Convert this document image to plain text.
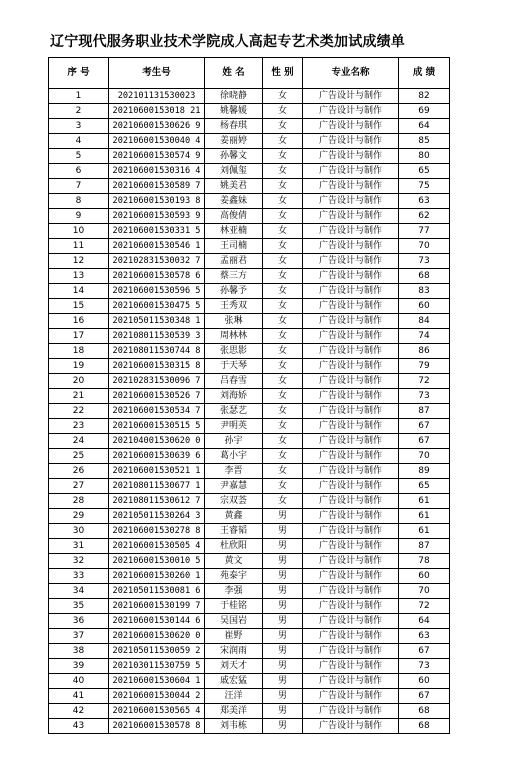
辽宁现代服务职业技术学院成人高起专艺术类加试成绩单
序 号	考生号	姓 名	性 别	专业名称	成 绩
1	202101131530023	徐晓静	女	广告设计与制作	82
2	20210600153018 21	姚馨媛	女	广告设计与制作	69
3	202106001530626 9	杨春琪	女	广告设计与制作	64
4	202106001530040 4	姜丽婷	女	广告设计与制作	85
5	202106001530574 9	孙馨文	女	广告设计与制作	80
6	202106001530316 4	刘佩玺	女	广告设计与制作	65
7	202106001530589 7	姚美君	女	广告设计与制作	75
8	202106001530193 8	姜鑫妹	女	广告设计与制作	63
9	202106001530593 9	高俊倩	女	广告设计与制作	62
10	202106001530331 5	林亚楠	女	广告设计与制作	77
11	202106001530546 1	王司楠	女	广告设计与制作	70
12	202102831530032 7	孟丽君	女	广告设计与制作	73
13	202106001530578 6	蔡三方	女	广告设计与制作	68
14	202106001530596 5	孙馨予	女	广告设计与制作	83
15	202106001530475 5	王秀双	女	广告设计与制作	60
16	202105011530348 1	张琳	女	广告设计与制作	84
17	202108011530539 3	周林林	女	广告设计与制作	74
18	202108011530744 8	张思影	女	广告设计与制作	86
19	202106001530315 8	于天琴	女	广告设计与制作	79
20	202102831530096 7	吕春雪	女	广告设计与制作	72
21	202106001530526 7	刘海娇	女	广告设计与制作	73
22	202106001530534 7	张瑟艺	女	广告设计与制作	87
23	202106001530515 5	尹明英	女	广告设计与制作	67
24	202104001530620 0	孙宇	女	广告设计与制作	67
25	202106001530639 6	葛小宇	女	广告设计与制作	70
26	202106001530521 1	李晋	女	广告设计与制作	89
27	202108011530677 1	尹嘉慧	女	广告设计与制作	65
28	202108011530612 7	宗双荟	女	广告设计与制作	61
29	202105011530264 3	黄鑫	男	广告设计与制作	61
30	202106001530278 8	王睿韬	男	广告设计与制作	61
31	202106001530505 4	杜欣阳	男	广告设计与制作	87
32	202106001530010 5	黄文	男	广告设计与制作	78
33	202106001530260 1	苑泰宇	男	广告设计与制作	60
34	202105011530081 6	李强	男	广告设计与制作	70
35	202106001530199 7	于桂铭	男	广告设计与制作	72
36	202106001530144 6	吴国岩	男	广告设计与制作	64
37	202106001530620 0	崔野	男	广告设计与制作	63
38	202105011530059 2	宋润雨	男	广告设计与制作	67
39	202103011530759 5	刘天才	男	广告设计与制作	73
40	202106001530604 1	戚宏猛	男	广告设计与制作	60
41	202106001530044 2	汪洋	男	广告设计与制作	67
42	202106001530565 4	郑美洋	男	广告设计与制作	68
43	202106001530578 8	刘韦栋	男	广告设计与制作	68
